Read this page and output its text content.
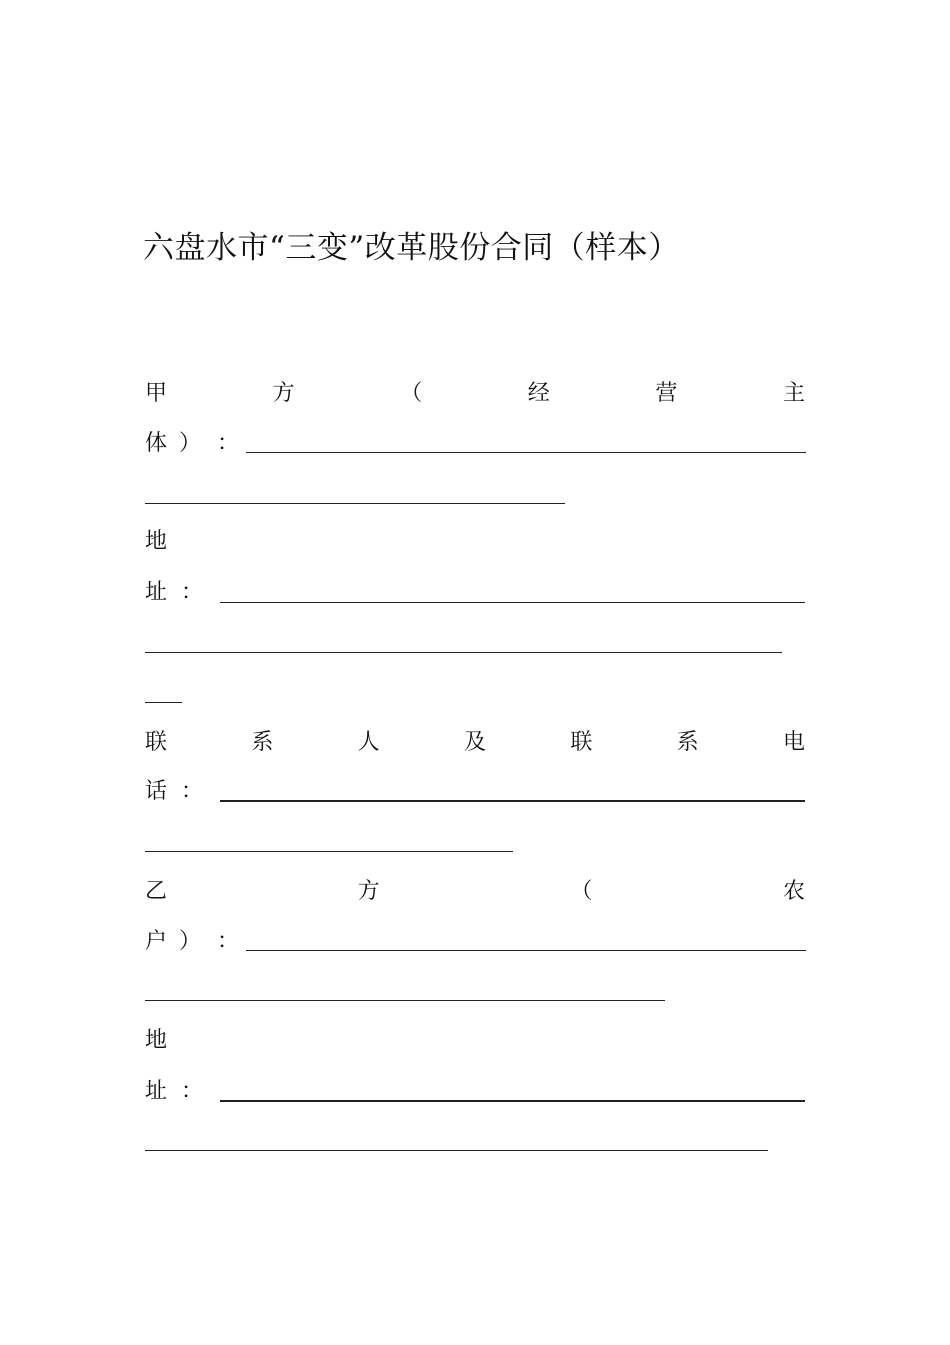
六盘水市“三变”改革股份合同（样本）
甲	方	（	经	营	主
体 ） ：
地
址 ：
联	系	人	及	联	系	电
话 ：
乙	方	（	农
户 ） ：
地
址 ：
